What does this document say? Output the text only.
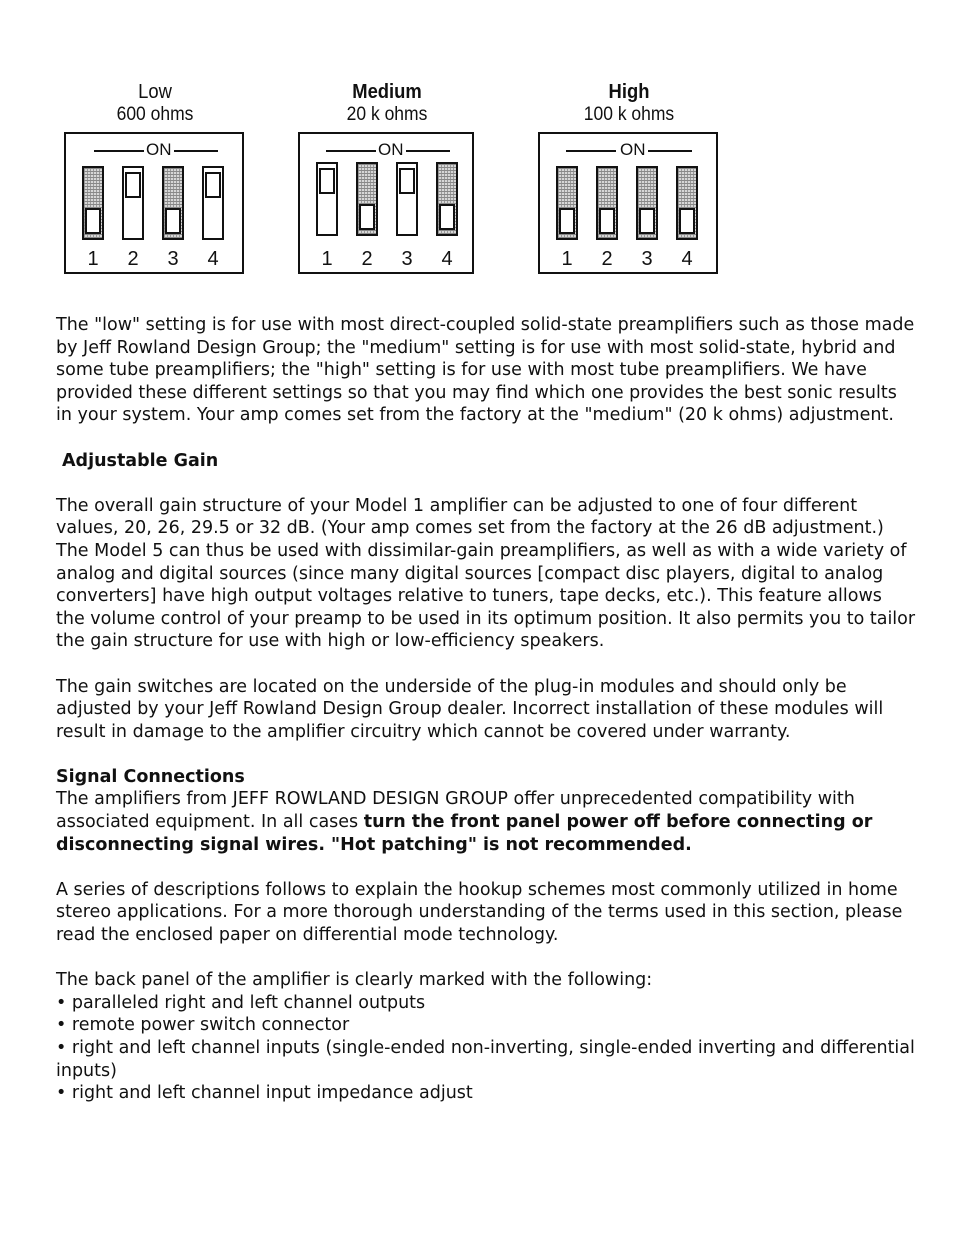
Low
600 ohms
ON
1 2 3 4
Medium
20 k ohms
ON
1 2 3 4
High
100 k ohms
ON
1 2 3 4

The "low" setting is for use with most direct-coupled solid-state preamplifiers such as those made by Jeff Rowland Design Group; the "medium" setting is for use with most solid-state, hybrid and some tube preamplifiers; the "high" setting is for use with most tube preamplifiers. We have provided these different settings so that you may find which one provides the best sonic results in your system. Your amp comes set from the factory at the "medium" (20 k ohms) adjustment.

Adjustable Gain

The overall gain structure of your Model 1 amplifier can be adjusted to one of four different values, 20, 26, 29.5 or 32 dB. (Your amp comes set from the factory at the 26 dB adjustment.) The Model 5 can thus be used with dissimilar-gain preamplifiers, as well as with a wide variety of analog and digital sources (since many digital sources [compact disc players, digital to analog converters] have high output voltages relative to tuners, tape decks, etc.). This feature allows the volume control of your preamp to be used in its optimum position. It also permits you to tailor the gain structure for use with high or low-efficiency speakers.

The gain switches are located on the underside of the plug-in modules and should only be adjusted by your Jeff Rowland Design Group dealer. Incorrect installation of these modules will result in damage to the amplifier circuitry which cannot be covered under warranty.

Signal Connections

The amplifiers from JEFF ROWLAND DESIGN GROUP offer unprecedented compatibility with associated equipment. In all cases turn the front panel power off before connecting or disconnecting signal wires. "Hot patching" is not recommended.

A series of descriptions follows to explain the hookup schemes most commonly utilized in home stereo applications. For a more thorough understanding of the terms used in this section, please read the enclosed paper on differential mode technology.

The back panel of the amplifier is clearly marked with the following:

• paralleled right and left channel outputs

• remote power switch connector

• right and left channel inputs (single-ended non-inverting, single-ended inverting and differential inputs)

• right and left channel input impedance adjust
